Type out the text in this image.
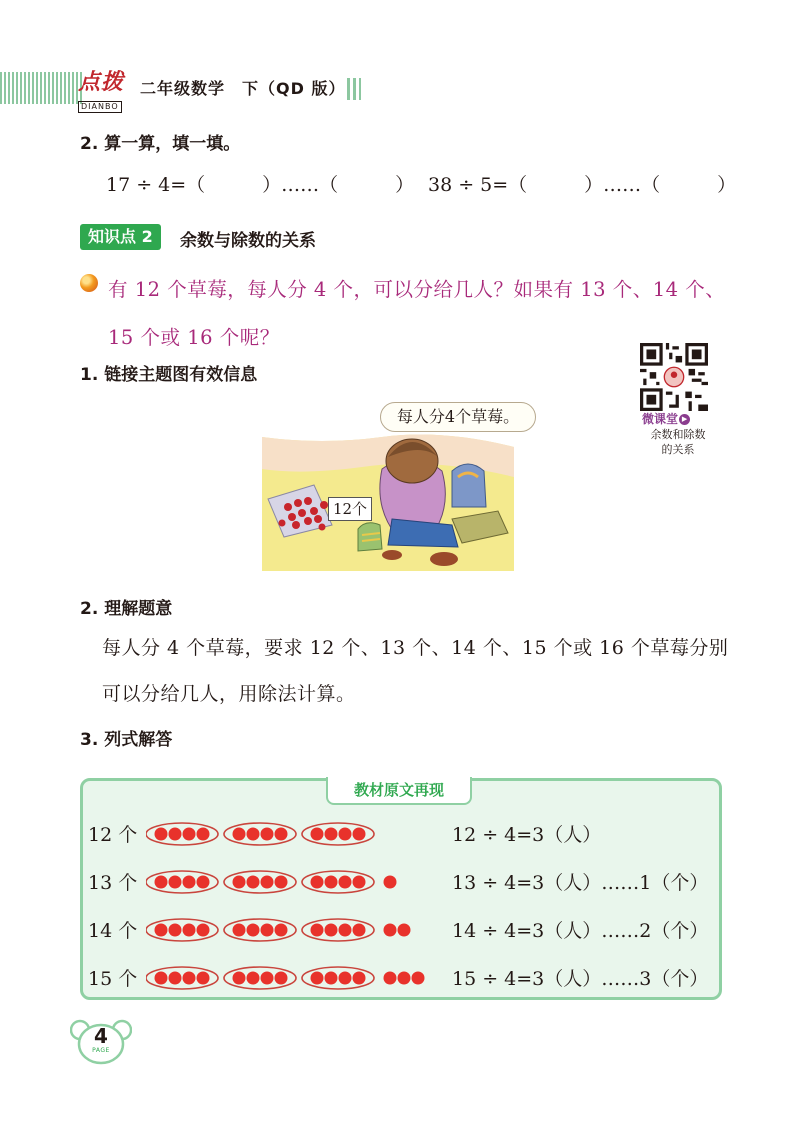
点拨
DIANBO
二年级数学　下（QD 版）
2. 算一算，填一填。
17 ÷ 4=（　　　）……（　　　） 38 ÷ 5=（　　　）……（　　　）
知识点 2	余数与除数的关系
有 12 个草莓，每人分 4 个，可以分给几人？如果有 13 个、14 个、15 个或 16 个呢？
1. 链接主题图有效信息
微课堂 ▶
余数和除数
的关系
每人分4个草莓。
12个
2. 理解题意
每人分 4 个草莓，要求 12 个、13 个、14 个、15 个或 16 个草莓分别可以分给几人，用除法计算。
3. 列式解答
教材原文再现
12 个	12 ÷ 4=3（人）
13 个	13 ÷ 4=3（人）……1（个）
14 个	14 ÷ 4=3（人）……2（个）
15 个	15 ÷ 4=3（人）……3（个）
4
PAGE
